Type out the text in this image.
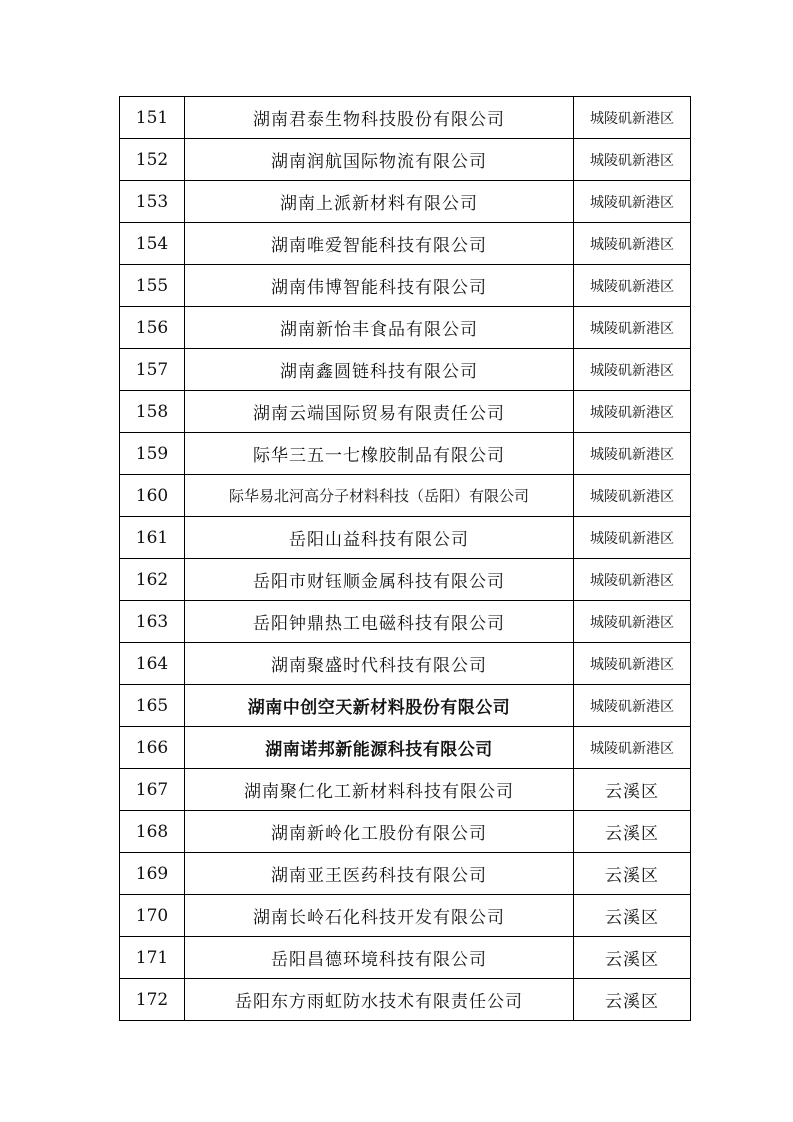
151	湖南君泰生物科技股份有限公司	城陵矶新港区
152	湖南润航国际物流有限公司	城陵矶新港区
153	湖南上派新材料有限公司	城陵矶新港区
154	湖南唯爱智能科技有限公司	城陵矶新港区
155	湖南伟博智能科技有限公司	城陵矶新港区
156	湖南新怡丰食品有限公司	城陵矶新港区
157	湖南鑫圆链科技有限公司	城陵矶新港区
158	湖南云端国际贸易有限责任公司	城陵矶新港区
159	际华三五一七橡胶制品有限公司	城陵矶新港区
160	际华易北河高分子材料科技（岳阳）有限公司	城陵矶新港区
161	岳阳山益科技有限公司	城陵矶新港区
162	岳阳市财钰顺金属科技有限公司	城陵矶新港区
163	岳阳钟鼎热工电磁科技有限公司	城陵矶新港区
164	湖南聚盛时代科技有限公司	城陵矶新港区
165	湖南中创空天新材料股份有限公司	城陵矶新港区
166	湖南诺邦新能源科技有限公司	城陵矶新港区
167	湖南聚仁化工新材料科技有限公司	云溪区
168	湖南新岭化工股份有限公司	云溪区
169	湖南亚王医药科技有限公司	云溪区
170	湖南长岭石化科技开发有限公司	云溪区
171	岳阳昌德环境科技有限公司	云溪区
172	岳阳东方雨虹防水技术有限责任公司	云溪区
